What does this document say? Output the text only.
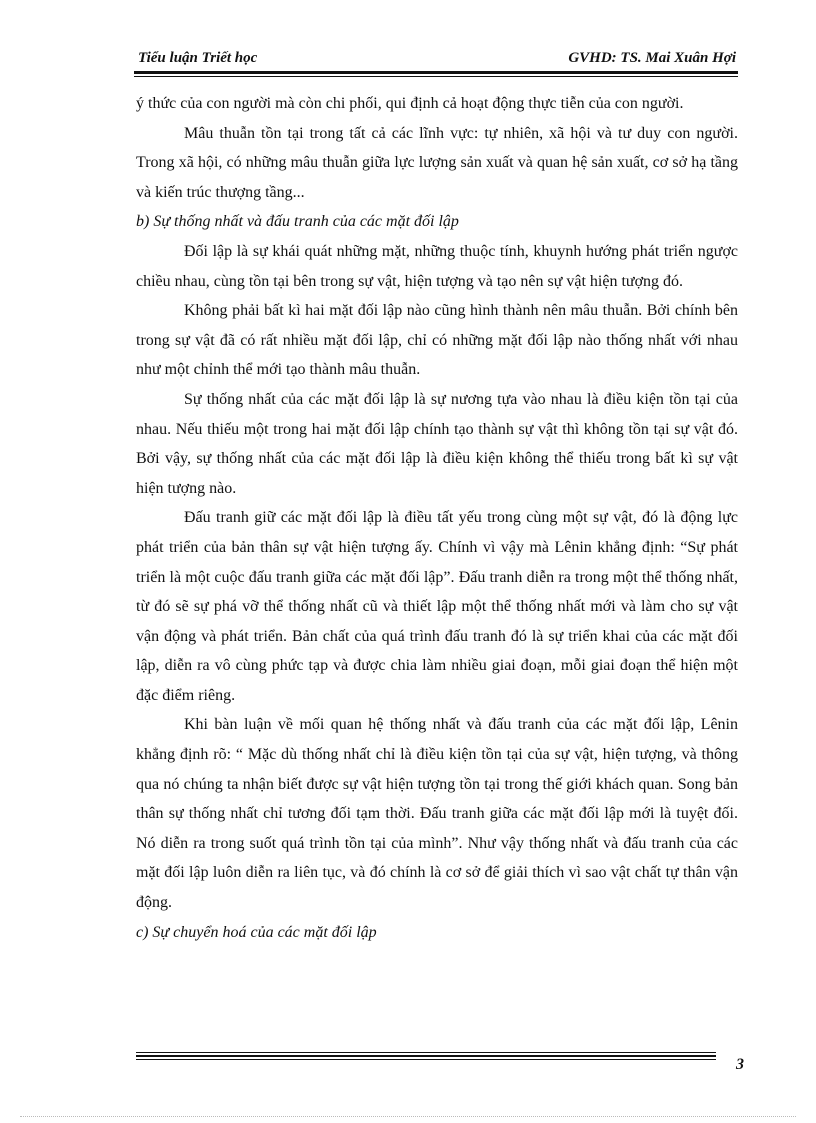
Tiểu luận Triết học	GVHD: TS. Mai Xuân Hợi

ý thức của con người mà còn chi phối, qui định cả hoạt động thực tiễn của con người.

Mâu thuẫn tồn tại trong tất cả các lĩnh vực: tự nhiên, xã hội và tư duy con người. Trong xã hội, có những mâu thuẫn giữa lực lượng sản xuất và quan hệ sản xuất, cơ sở hạ tầng và kiến trúc thượng tầng...

b) Sự thống nhất và đấu tranh của các mặt đối lập

Đối lập là sự khái quát những mặt, những thuộc tính, khuynh hướng phát triển ngược chiều nhau, cùng tồn tại bên trong sự vật, hiện tượng và tạo nên sự vật hiện tượng đó.

Không phải bất kì hai mặt đối lập nào cũng hình thành nên mâu thuẫn. Bởi chính bên trong sự vật đã có rất nhiều mặt đối lập, chỉ có những mặt đối lập nào thống nhất với nhau như một chỉnh thể mới tạo thành mâu thuẫn.

Sự thống nhất của các mặt đối lập là sự nương tựa vào nhau là điều kiện tồn tại của nhau. Nếu thiếu một trong hai mặt đối lập chính tạo thành sự vật thì không tồn tại sự vật đó. Bởi vậy, sự thống nhất của các mặt đối lập là điều kiện không thể thiếu trong bất kì sự vật hiện tượng nào.

Đấu tranh giữ các mặt đối lập là điều tất yếu trong cùng một sự vật, đó là động lực phát triển của bản thân sự vật hiện tượng ấy. Chính vì vậy mà Lênin khẳng định: “Sự phát triển là một cuộc đấu tranh giữa các mặt đối lập”. Đấu tranh diễn ra trong một thể thống nhất, từ đó sẽ sự phá vỡ thể thống nhất cũ và thiết lập một thể thống nhất mới và làm cho sự vật vận động và phát triển. Bản chất của quá trình đấu tranh đó là sự triển khai của các mặt đối lập, diễn ra vô cùng phức tạp và được chia làm nhiều giai đoạn, mỗi giai đoạn thể hiện một đặc điểm riêng.

Khi bàn luận về mối quan hệ thống nhất và đấu tranh của các mặt đối lập, Lênin khẳng định rõ: “ Mặc dù thống nhất chỉ là điều kiện tồn tại của sự vật, hiện tượng, và thông qua nó chúng ta nhận biết được sự vật hiện tượng tồn tại trong thế giới khách quan. Song bản thân sự thống nhất chỉ tương đối tạm thời. Đấu tranh giữa các mặt đối lập mới là tuyệt đối. Nó diễn ra trong suốt quá trình tồn tại của mình”. Như vậy thống nhất và đấu tranh của các mặt đối lập luôn diễn ra liên tục, và đó chính là cơ sở để giải thích vì sao vật chất tự thân vận động.

c) Sự chuyển hoá của các mặt đối lập

3
